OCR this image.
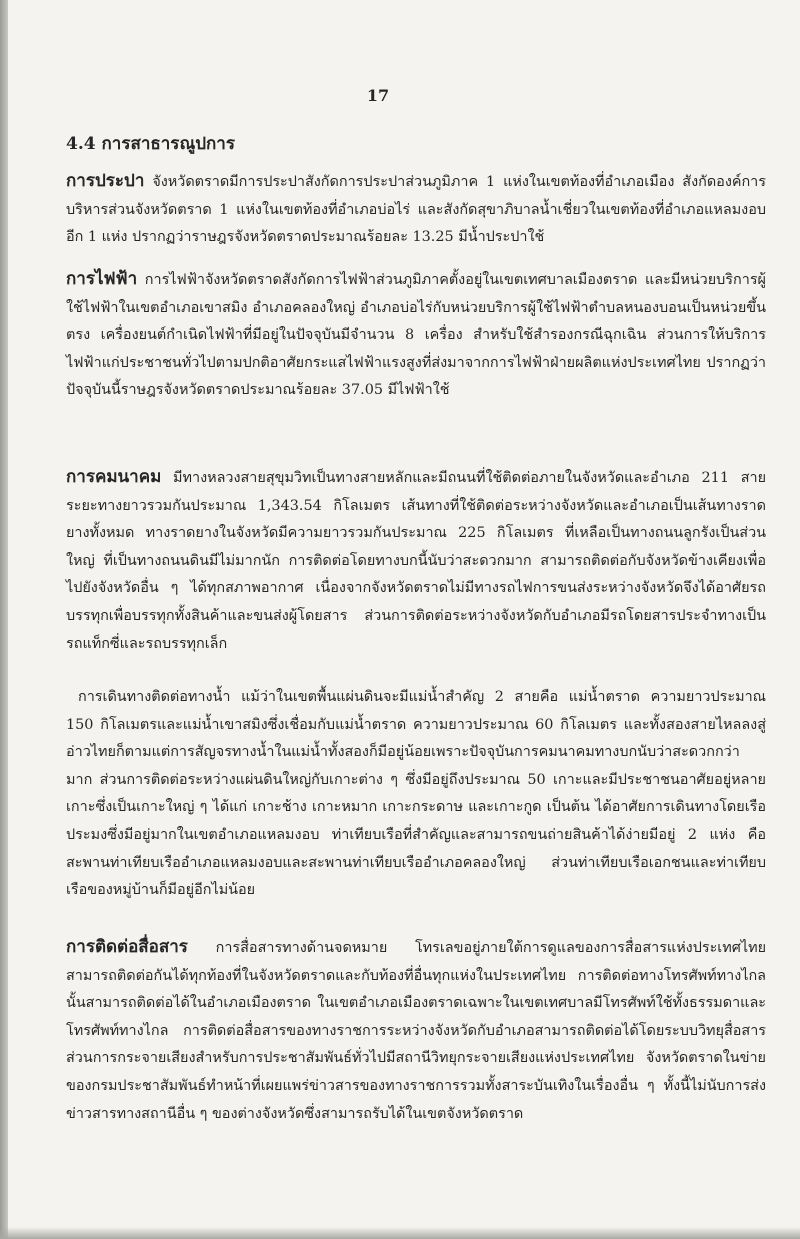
17
4.4 การสาธารณูปการ

การประปา จังหวัดตราดมีการประปาสังกัดการประปาส่วนภูมิภาค 1 แห่งในเขตท้องที่อำเภอเมือง สังกัดองค์การบริหารส่วนจังหวัดตราด 1 แห่งในเขตท้องที่อำเภอบ่อไร่ และสังกัดสุขาภิบาลน้ำเชี่ยวในเขตท้องที่อำเภอแหลมงอบอีก 1 แห่ง ปรากฏว่าราษฎรจังหวัดตราดประมาณร้อยละ 13.25 มีน้ำประปาใช้

การไฟฟ้า การไฟฟ้าจังหวัดตราดสังกัดการไฟฟ้าส่วนภูมิภาคตั้งอยู่ในเขตเทศบาลเมืองตราด และมีหน่วยบริการผู้ใช้ไฟฟ้าในเขตอำเภอเขาสมิง อำเภอคลองใหญ่ อำเภอบ่อไร่กับหน่วยบริการผู้ใช้ไฟฟ้าตำบลหนองบอนเป็นหน่วยขึ้นตรง เครื่องยนต์กำเนิดไฟฟ้าที่มีอยู่ในปัจจุบันมีจำนวน 8 เครื่อง สำหรับใช้สำรองกรณีฉุกเฉิน ส่วนการให้บริการไฟฟ้าแก่ประชาชนทั่วไปตามปกติอาศัยกระแสไฟฟ้าแรงสูงที่ส่งมาจากการไฟฟ้าฝ่ายผลิตแห่งประเทศไทย ปรากฏว่าปัจจุบันนี้ราษฎรจังหวัดตราดประมาณร้อยละ 37.05 มีไฟฟ้าใช้

การคมนาคม มีทางหลวงสายสุขุมวิทเป็นทางสายหลักและมีถนนที่ใช้ติดต่อภายในจังหวัดและอำเภอ 211 สาย ระยะทางยาวรวมกันประมาณ 1,343.54 กิโลเมตร เส้นทางที่ใช้ติดต่อระหว่างจังหวัดและอำเภอเป็นเส้นทางราดยางทั้งหมด ทางราดยางในจังหวัดมีความยาวรวมกันประมาณ 225 กิโลเมตร ที่เหลือเป็นทางถนนลูกรังเป็นส่วนใหญ่ ที่เป็นทางถนนดินมีไม่มากนัก การติดต่อโดยทางบกนี้นับว่าสะดวกมาก สามารถติดต่อกับจังหวัดข้างเคียงเพื่อไปยังจังหวัดอื่น ๆ ได้ทุกสภาพอากาศ เนื่องจากจังหวัดตราดไม่มีทางรถไฟการขนส่งระหว่างจังหวัดจึงได้อาศัยรถบรรทุกเพื่อบรรทุกทั้งสินค้าและขนส่งผู้โดยสาร ส่วนการติดต่อระหว่างจังหวัดกับอำเภอมีรถโดยสารประจำทางเป็นรถแท็กซี่และรถบรรทุกเล็ก

การเดินทางติดต่อทางน้ำ แม้ว่าในเขตพื้นแผ่นดินจะมีแม่น้ำสำคัญ 2 สายคือ แม่น้ำตราด ความยาวประมาณ 150 กิโลเมตรและแม่น้ำเขาสมิงซึ่งเชื่อมกับแม่น้ำตราด ความยาวประมาณ 60 กิโลเมตร และทั้งสองสายไหลลงสู่อ่าวไทยก็ตามแต่การสัญจรทางน้ำในแม่น้ำทั้งสองก็มีอยู่น้อยเพราะปัจจุบันการคมนาคมทางบกนับว่าสะดวกกว่ามาก ส่วนการติดต่อระหว่างแผ่นดินใหญ่กับเกาะต่าง ๆ ซึ่งมีอยู่ถึงประมาณ 50 เกาะและมีประชาชนอาศัยอยู่หลายเกาะซึ่งเป็นเกาะใหญ่ ๆ ได้แก่ เกาะช้าง เกาะหมาก เกาะกระดาษ และเกาะกูด เป็นต้น ได้อาศัยการเดินทางโดยเรือประมงซึ่งมีอยู่มากในเขตอำเภอแหลมงอบ ท่าเทียบเรือที่สำคัญและสามารถขนถ่ายสินค้าได้ง่ายมีอยู่ 2 แห่ง คือ สะพานท่าเทียบเรืออำเภอแหลมงอบและสะพานท่าเทียบเรืออำเภอคลองใหญ่ ส่วนท่าเทียบเรือเอกชนและท่าเทียบเรือของหมู่บ้านก็มีอยู่อีกไม่น้อย

การติดต่อสื่อสาร การสื่อสารทางด้านจดหมาย โทรเลขอยู่ภายใต้การดูแลของการสื่อสารแห่งประเทศไทยสามารถติดต่อกันได้ทุกท้องที่ในจังหวัดตราดและกับท้องที่อื่นทุกแห่งในประเทศไทย การติดต่อทางโทรศัพท์ทางไกลนั้นสามารถติดต่อได้ในอำเภอเมืองตราด ในเขตอำเภอเมืองตราดเฉพาะในเขตเทศบาลมีโทรศัพท์ใช้ทั้งธรรมดาและโทรศัพท์ทางไกล การติดต่อสื่อสารของทางราชการระหว่างจังหวัดกับอำเภอสามารถติดต่อได้โดยระบบวิทยุสื่อสาร ส่วนการกระจายเสียงสำหรับการประชาสัมพันธ์ทั่วไปมีสถานีวิทยุกระจายเสียงแห่งประเทศไทย จังหวัดตราดในข่ายของกรมประชาสัมพันธ์ทำหน้าที่เผยแพร่ข่าวสารของทางราชการรวมทั้งสาระบันเทิงในเรื่องอื่น ๆ ทั้งนี้ไม่นับการส่งข่าวสารทางสถานีอื่น ๆ ของต่างจังหวัดซึ่งสามารถรับได้ในเขตจังหวัดตราด
